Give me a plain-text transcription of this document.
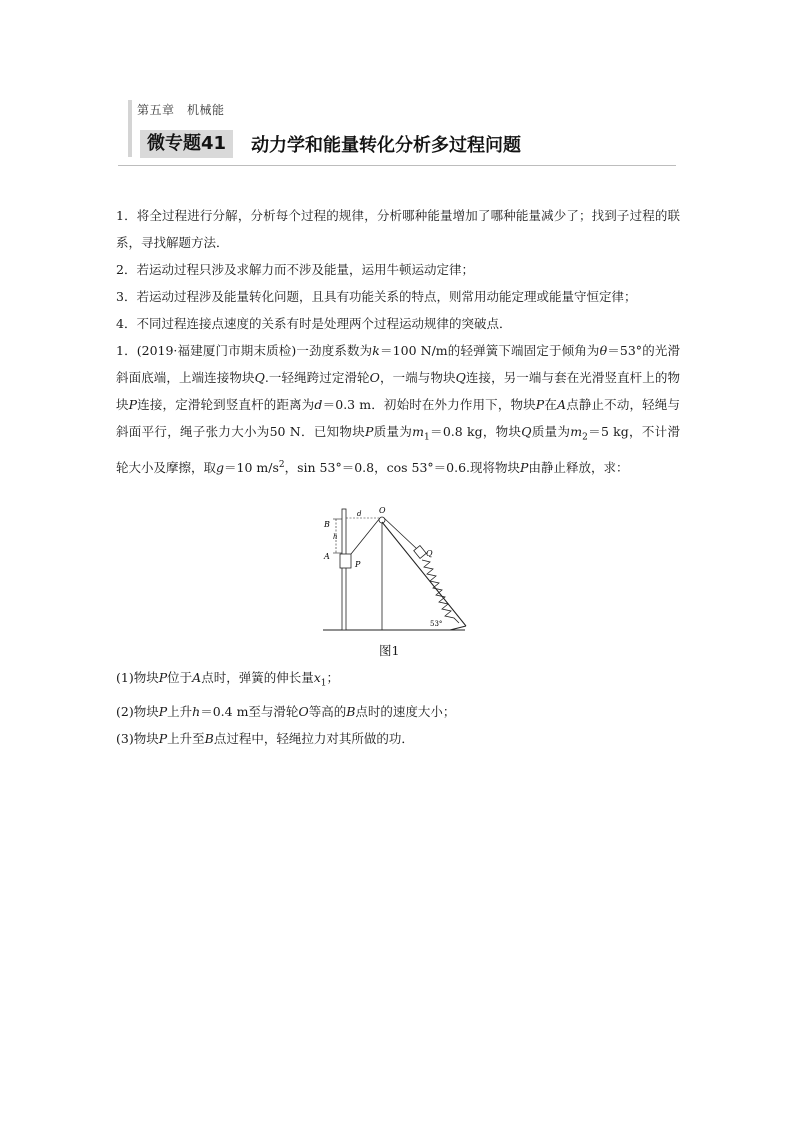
第五章　机械能
微专题41	动力学和能量转化分析多过程问题

1．将全过程进行分解，分析每个过程的规律，分析哪种能量增加了哪种能量减少了；找到子过程的联系，寻找解题方法．

2．若运动过程只涉及求解力而不涉及能量，运用牛顿运动定律；

3．若运动过程涉及能量转化问题，且具有功能关系的特点，则常用动能定理或能量守恒定律；

4．不同过程连接点速度的关系有时是处理两个过程运动规律的突破点．

1．(2019·福建厦门市期末质检)一劲度系数为k＝100 N/m的轻弹簧下端固定于倾角为θ＝53°的光滑斜面底端，上端连接物块Q.一轻绳跨过定滑轮O，一端与物块Q连接，另一端与套在光滑竖直杆上的物块P连接，定滑轮到竖直杆的距离为d＝0.3 m．初始时在外力作用下，物块P在A点静止不动，轻绳与斜面平行，绳子张力大小为50 N．已知物块P质量为$m_1=0.8$ kg，物块Q质量为$m_2=5$ kg，不计滑轮大小及摩擦，取g＝10 $m/s^2$，sin 53°＝0.8，cos 53°＝0.6.现将物块P由静止释放，求：

B
h
A
P
d O
Q
53°
图1

(1)物块P位于A点时，弹簧的伸长量$x_1$；

(2)物块P上升h＝0.4 m至与滑轮O等高的B点时的速度大小；

(3)物块P上升至B点过程中，轻绳拉力对其所做的功．
